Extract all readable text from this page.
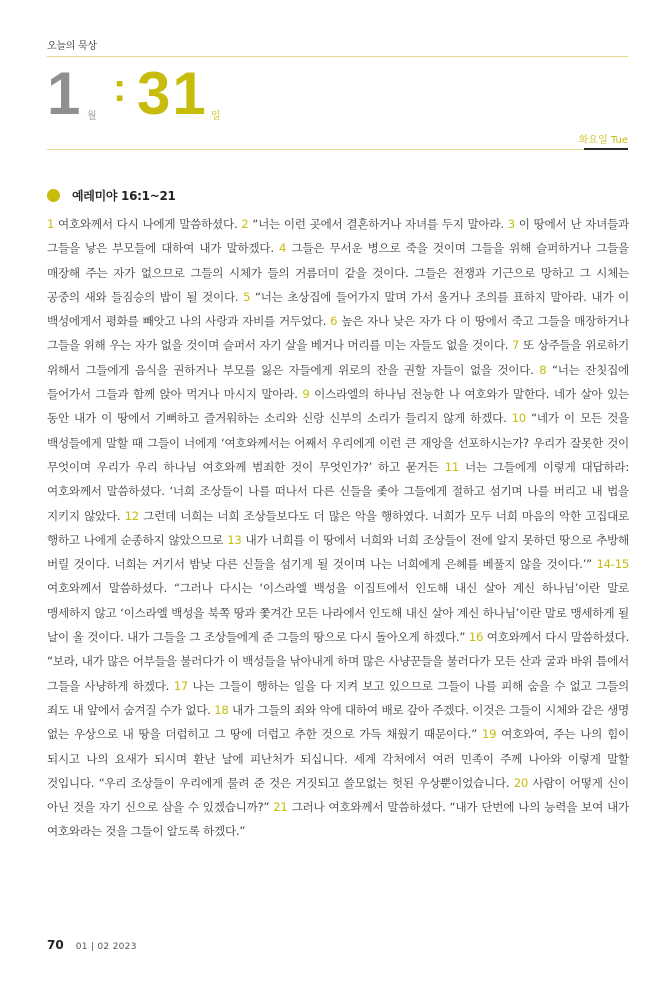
오늘의 묵상
1 월
: 31 일
화요일 Tue
예레미야 16:1~21
1 여호와께서 다시 나에게 말씀하셨다. 2 “너는 이런 곳에서 결혼하거나 자녀를 두지 말아라. 3 이 땅에서 난 자녀들과 그들을 낳은 부모들에 대하여 내가 말하겠다. 4 그들은 무서운 병으로 죽을 것이며 그들을 위해 슬퍼하거나 그들을 매장해 주는 자가 없으므로 그들의 시체가 들의 거름더미 같을 것이다. 그들은 전쟁과 기근으로 망하고 그 시체는 공중의 새와 들짐승의 밥이 될 것이다. 5 “너는 초상집에 들어가지 말며 가서 울거나 조의를 표하지 말아라. 내가 이 백성에게서 평화를 빼앗고 나의 사랑과 자비를 거두었다. 6 높은 자나 낮은 자가 다 이 땅에서 죽고 그들을 매장하거나 그들을 위해 우는 자가 없을 것이며 슬퍼서 자기 살을 베거나 머리를 미는 자들도 없을 것이다. 7 또 상주들을 위로하기 위해서 그들에게 음식을 권하거나 부모를 잃은 자들에게 위로의 잔을 권할 자들이 없을 것이다. 8 “너는 잔칫집에 들어가서 그들과 함께 앉아 먹거나 마시지 말아라. 9 이스라엘의 하나님 전능한 나 여호와가 말한다. 네가 살아 있는 동안 내가 이 땅에서 기뻐하고 즐거워하는 소리와 신랑 신부의 소리가 들리지 않게 하겠다. 10 “네가 이 모든 것을 백성들에게 말할 때 그들이 너에게 ‘여호와께서는 어째서 우리에게 이런 큰 재앙을 선포하시는가? 우리가 잘못한 것이 무엇이며 우리가 우리 하나님 여호와께 범죄한 것이 무엇인가?’ 하고 묻거든 11 너는 그들에게 이렇게 대답하라:여호와께서 말씀하셨다. ‘너희 조상들이 나를 떠나서 다른 신들을 좇아 그들에게 절하고 섬기며 나를 버리고 내 법을 지키지 않았다. 12 그런데 너희는 너희 조상들보다도 더 많은 악을 행하였다. 너희가 모두 너희 마음의 악한 고집대로 행하고 나에게 순종하지 않았으므로 13 내가 너희를 이 땅에서 너희와 너희 조상들이 전에 알지 못하던 땅으로 추방해 버릴 것이다. 너희는 거기서 밤낮 다른 신들을 섬기게 될 것이며 나는 너희에게 은혜를 베풀지 않을 것이다.’” 14-15 여호와께서 말씀하셨다. “그러나 다시는 ‘이스라엘 백성을 이집트에서 인도해 내신 살아 계신 하나님’이란 말로 맹세하지 않고 ‘이스라엘 백성을 북쪽 땅과 쫓겨간 모든 나라에서 인도해 내신 살아 계신 하나님’이란 말로 맹세하게 될 날이 올 것이다. 내가 그들을 그 조상들에게 준 그들의 땅으로 다시 돌아오게 하겠다.” 16 여호와께서 다시 말씀하셨다. “보라, 내가 많은 어부들을 불러다가 이 백성들을 낚아내게 하며 많은 사냥꾼들을 불러다가 모든 산과 굴과 바위 틈에서 그들을 사냥하게 하겠다. 17 나는 그들이 행하는 일을 다 지켜 보고 있으므로 그들이 나를 피해 숨을 수 없고 그들의 죄도 내 앞에서 숨겨질 수가 없다. 18 내가 그들의 죄와 악에 대하여 배로 갚아 주겠다. 이것은 그들이 시체와 같은 생명 없는 우상으로 내 땅을 더럽히고 그 땅에 더럽고 추한 것으로 가득 채웠기 때문이다.” 19 여호와여, 주는 나의 힘이 되시고 나의 요새가 되시며 환난 날에 피난처가 되십니다. 세계 각처에서 여러 민족이 주께 나아와 이렇게 말할 것입니다. “우리 조상들이 우리에게 물려 준 것은 거짓되고 쓸모없는 헛된 우상뿐이었습니다. 20 사람이 어떻게 신이 아닌 것을 자기 신으로 삼을 수 있겠습니까?” 21 그러나 여호와께서 말씀하셨다. “내가 단번에 나의 능력을 보여 내가 여호와라는 것을 그들이 알도록 하겠다.”
70 01 | 02 2023
